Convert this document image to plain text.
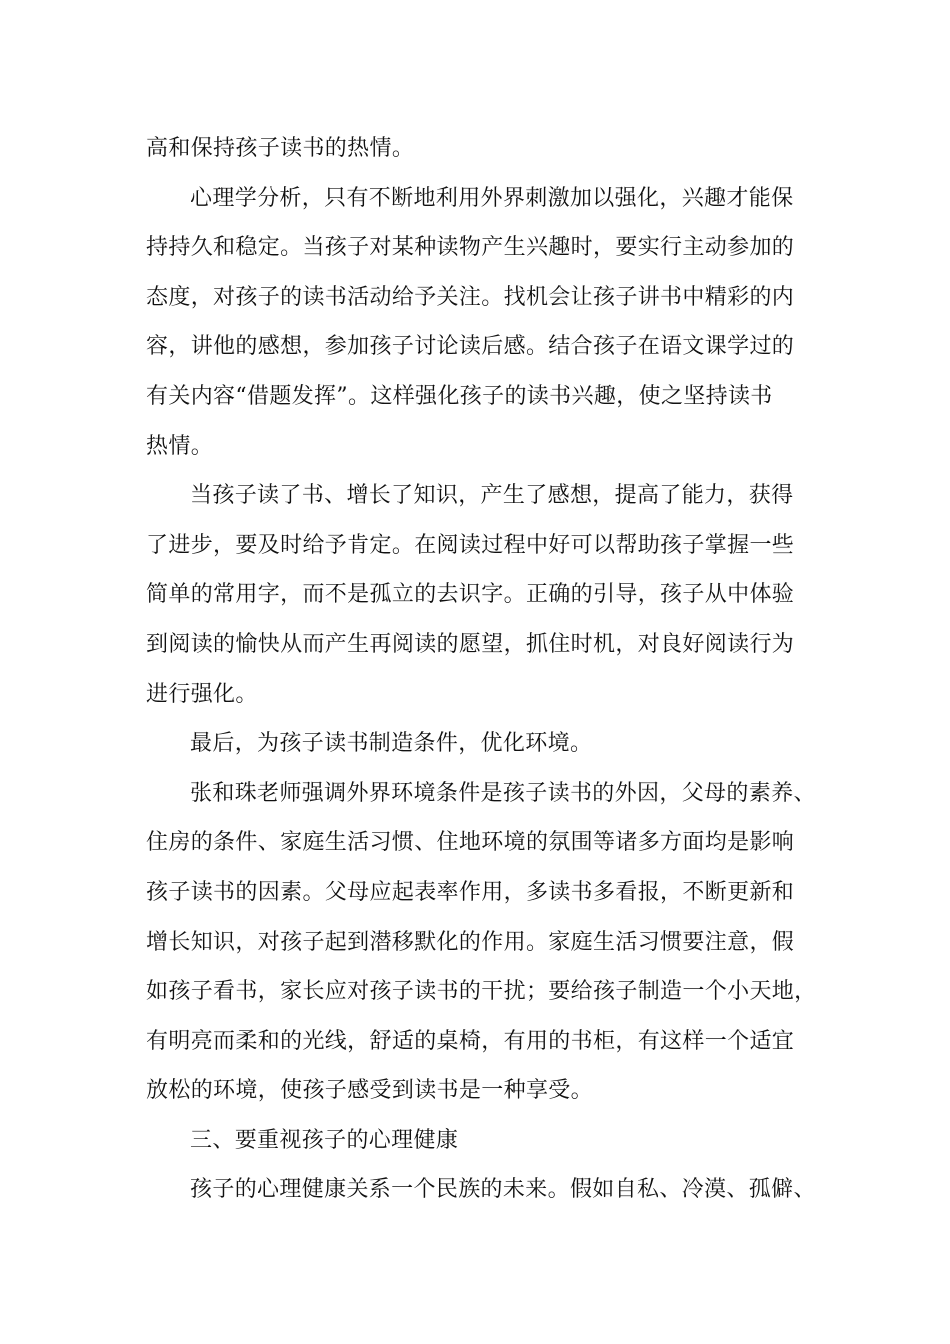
高和保持孩子读书的热情。
心理学分析，只有不断地利用外界刺激加以强化，兴趣才能保
持持久和稳定。当孩子对某种读物产生兴趣时，要实行主动参加的
态度，对孩子的读书活动给予关注。找机会让孩子讲书中精彩的内
容，讲他的感想，参加孩子讨论读后感。结合孩子在语文课学过的
有关内容“借题发挥”。这样强化孩子的读书兴趣，使之坚持读书
热情。
当孩子读了书、增长了知识，产生了感想，提高了能力，获得
了进步，要及时给予肯定。在阅读过程中好可以帮助孩子掌握一些
简单的常用字，而不是孤立的去识字。正确的引导，孩子从中体验
到阅读的愉快从而产生再阅读的愿望，抓住时机，对良好阅读行为
进行强化。
最后，为孩子读书制造条件，优化环境。
张和珠老师强调外界环境条件是孩子读书的外因，父母的素养、
住房的条件、家庭生活习惯、住地环境的氛围等诸多方面均是影响
孩子读书的因素。父母应起表率作用，多读书多看报，不断更新和
增长知识，对孩子起到潜移默化的作用。家庭生活习惯要注意，假
如孩子看书，家长应对孩子读书的干扰；要给孩子制造一个小天地，
有明亮而柔和的光线，舒适的桌椅，有用的书柜，有这样一个适宜
放松的环境，使孩子感受到读书是一种享受。
三、要重视孩子的心理健康
孩子的心理健康关系一个民族的未来。假如自私、冷漠、孤僻、
